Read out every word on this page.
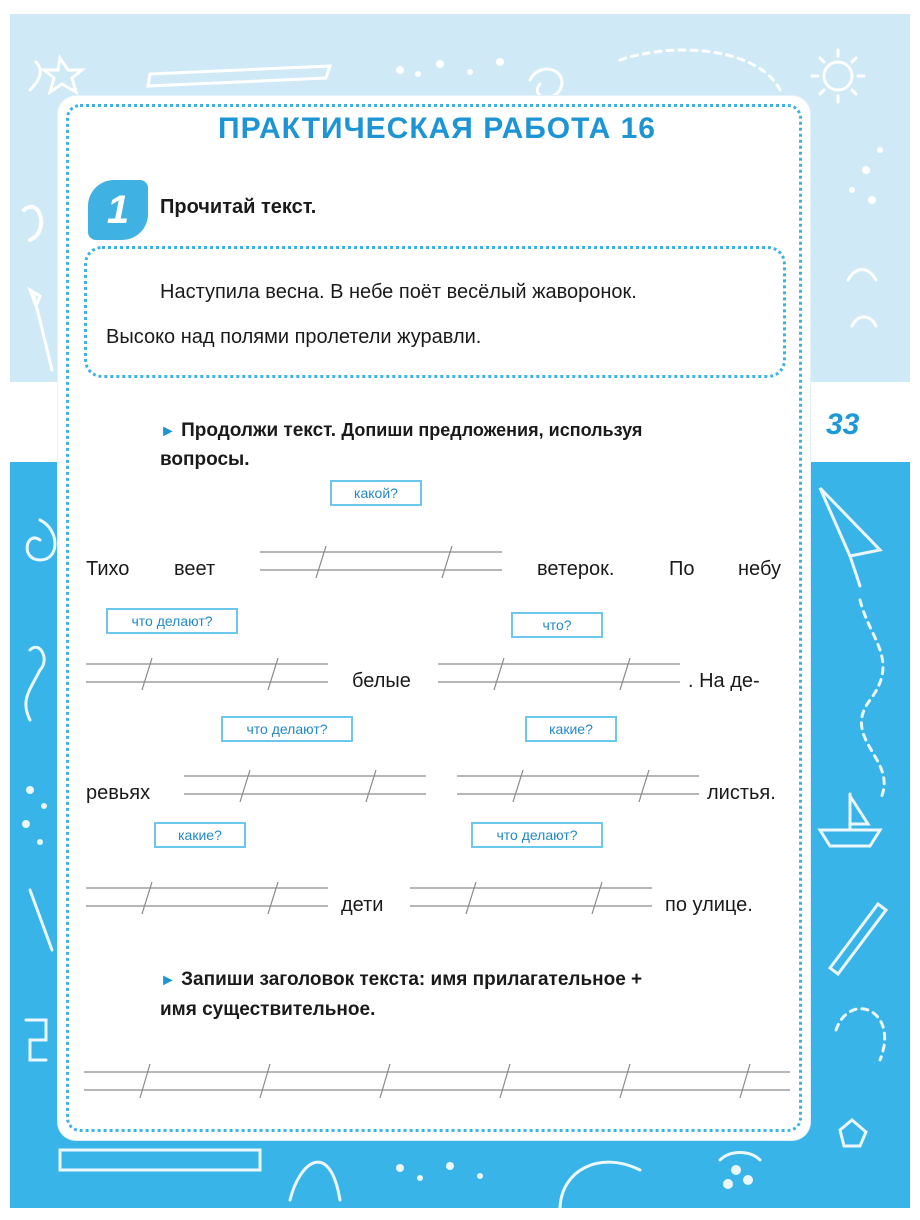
33
ПРАКТИЧЕСКАЯ РАБОТА 16
1	Прочитай текст.
Наступила весна. В небе поёт весёлый жаворонок.
Высоко над полями пролетели журавли.
► Продолжи текст. Допиши предложения, используя
вопросы.
какой?
что делают?	что?
что делают?	какие?
какие?	что делают?
Тихо веет	ветерок.	По небу
белые	. На де-
ревьях	листья.
дети	по улице.
► Запиши заголовок текста: имя прилагательное +
имя существительное.
